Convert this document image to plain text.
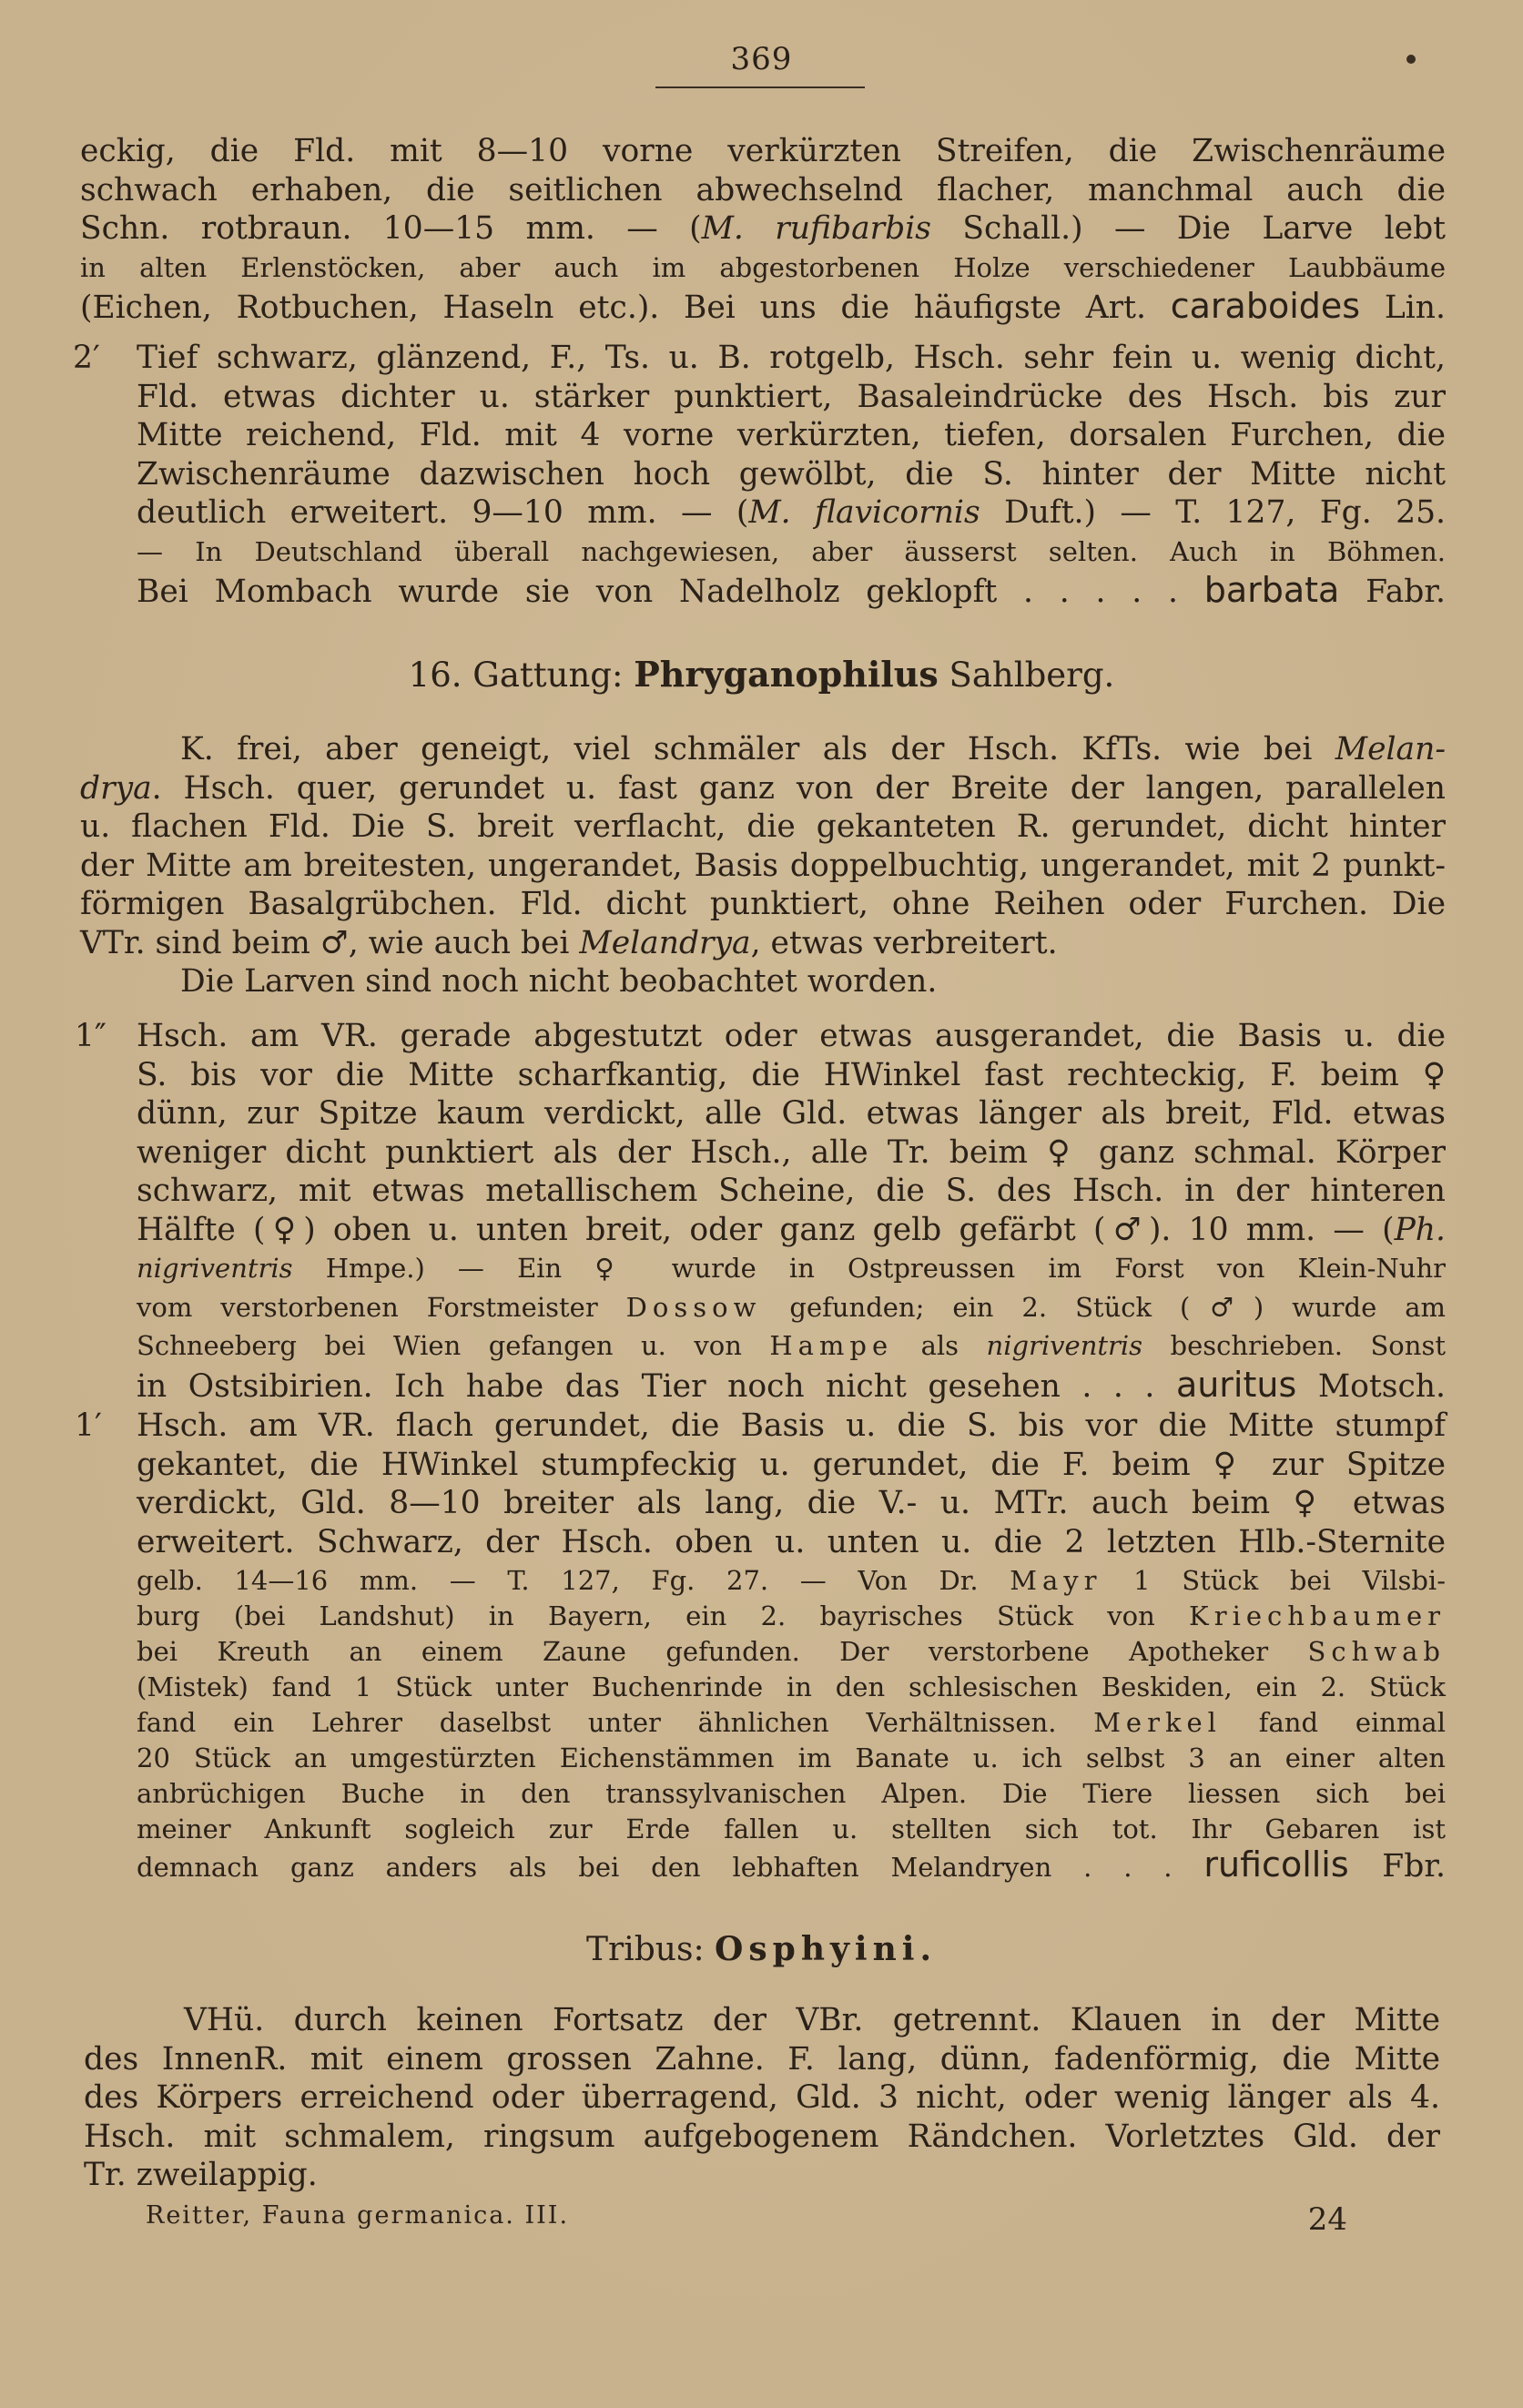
369
eckig, die Fld. mit 8—10 vorne verkürzten Streifen, die Zwischenräume
schwach erhaben, die seitlichen abwechselnd flacher, manchmal auch die
Schn. rotbraun. 10—15 mm. — (M. rufibarbis Schall.) — Die Larve lebt
in alten Erlenstöcken, aber auch im abgestorbenen Holze verschiedener Laubbäume
(Eichen, Rotbuchen, Haseln etc.). Bei uns die häufigste Art. caraboides Lin.
2′ Tief schwarz, glänzend, F., Ts. u. B. rotgelb, Hsch. sehr fein u. wenig dicht,
Fld. etwas dichter u. stärker punktiert, Basaleindrücke des Hsch. bis zur
Mitte reichend, Fld. mit 4 vorne verkürzten, tiefen, dorsalen Furchen, die
Zwischenräume dazwischen hoch gewölbt, die S. hinter der Mitte nicht
deutlich erweitert. 9—10 mm. — (M. flavicornis Duft.) — T. 127, Fg. 25.
— In Deutschland überall nachgewiesen, aber äusserst selten. Auch in Böhmen.
Bei Mombach wurde sie von Nadelholz geklopft . . . . . barbata Fabr.
16. Gattung: Phryganophilus Sahlberg.
K. frei, aber geneigt, viel schmäler als der Hsch. KfTs. wie bei Melan-
drya. Hsch. quer, gerundet u. fast ganz von der Breite der langen, parallelen
u. flachen Fld. Die S. breit verflacht, die gekanteten R. gerundet, dicht hinter
der Mitte am breitesten, ungerandet, Basis doppelbuchtig, ungerandet, mit 2 punkt-
förmigen Basalgrübchen. Fld. dicht punktiert, ohne Reihen oder Furchen. Die
VTr. sind beim ♂, wie auch bei Melandrya, etwas verbreitert.
Die Larven sind noch nicht beobachtet worden.
1″ Hsch. am VR. gerade abgestutzt oder etwas ausgerandet, die Basis u. die
S. bis vor die Mitte scharfkantig, die HWinkel fast rechteckig, F. beim ♀
dünn, zur Spitze kaum verdickt, alle Gld. etwas länger als breit, Fld. etwas
weniger dicht punktiert als der Hsch., alle Tr. beim ♀ ganz schmal. Körper
schwarz, mit etwas metallischem Scheine, die S. des Hsch. in der hinteren
Hälfte (♀) oben u. unten breit, oder ganz gelb gefärbt (♂). 10 mm. — (Ph.
nigriventris Hmpe.) — Ein ♀ wurde in Ostpreussen im Forst von Klein-Nuhr
vom verstorbenen Forstmeister Dossow gefunden; ein 2. Stück (♂) wurde am
Schneeberg bei Wien gefangen u. von Hampe als nigriventris beschrieben. Sonst
in Ostsibirien. Ich habe das Tier noch nicht gesehen . . . auritus Motsch.
1′ Hsch. am VR. flach gerundet, die Basis u. die S. bis vor die Mitte stumpf
gekantet, die HWinkel stumpfeckig u. gerundet, die F. beim ♀ zur Spitze
verdickt, Gld. 8—10 breiter als lang, die V.- u. MTr. auch beim ♀ etwas
erweitert. Schwarz, der Hsch. oben u. unten u. die 2 letzten Hlb.-Sternite
gelb. 14—16 mm. — T. 127, Fg. 27. — Von Dr. Mayr 1 Stück bei Vilsbi-
burg (bei Landshut) in Bayern, ein 2. bayrisches Stück von Kriechbaumer
bei Kreuth an einem Zaune gefunden. Der verstorbene Apotheker Schwab
(Mistek) fand 1 Stück unter Buchenrinde in den schlesischen Beskiden, ein 2. Stück
fand ein Lehrer daselbst unter ähnlichen Verhältnissen. Merkel fand einmal
20 Stück an umgestürzten Eichenstämmen im Banate u. ich selbst 3 an einer alten
anbrüchigen Buche in den transsylvanischen Alpen. Die Tiere liessen sich bei
meiner Ankunft sogleich zur Erde fallen u. stellten sich tot. Ihr Gebaren ist
demnach ganz anders als bei den lebhaften Melandryen . . . ruficollis Fbr.
Tribus: Osphyini.
VHü. durch keinen Fortsatz der VBr. getrennt. Klauen in der Mitte
des InnenR. mit einem grossen Zahne. F. lang, dünn, fadenförmig, die Mitte
des Körpers erreichend oder überragend, Gld. 3 nicht, oder wenig länger als 4.
Hsch. mit schmalem, ringsum aufgebogenem Rändchen. Vorletztes Gld. der
Tr. zweilappig.
Reitter, Fauna germanica. III.	24
